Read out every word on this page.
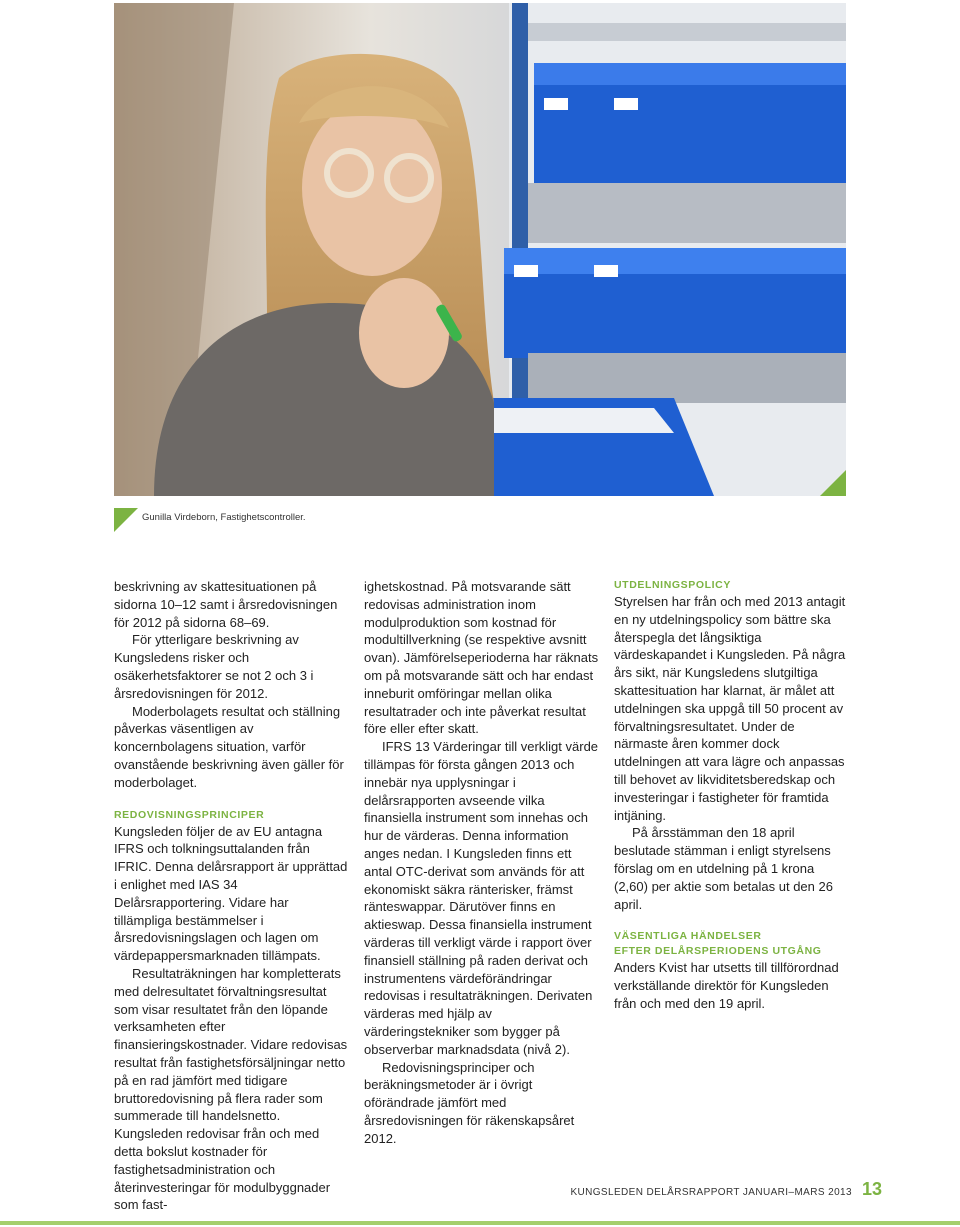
Gunilla Virdeborn, Fastighetscontroller.

beskrivning av skattesituationen på sidorna 10–12 samt i årsredovisningen för 2012 på sidorna 68–69.

För ytterligare beskrivning av Kungsledens risker och osäkerhetsfaktorer se not 2 och 3 i årsredovisningen för 2012.

Moderbolagets resultat och ställning påverkas väsentligen av koncernbolagens situation, varför ovanstående beskrivning även gäller för moderbolaget.

REDOVISNINGSPRINCIPER

Kungsleden följer de av EU antagna IFRS och tolkningsuttalanden från IFRIC. Denna delårsrapport är upprättad i enlighet med IAS 34 Delårsrapportering. Vidare har tillämpliga bestämmelser i årsredovisningslagen och lagen om värdepappersmarknaden tillämpats.

Resultaträkningen har kompletterats med delresultatet förvaltningsresultat som visar resultatet från den löpande verksamheten efter finansieringskostnader. Vidare redovisas resultat från fastighetsförsäljningar netto på en rad jämfört med tidigare bruttoredovisning på flera rader som summerade till handelsnetto. Kungsleden redovisar från och med detta bokslut kostnader för fastighetsadministration och återinvesteringar för modulbyggnader som fast-

ighetskostnad. På motsvarande sätt redovisas administration inom modulproduktion som kostnad för modultillverkning (se respektive avsnitt ovan). Jämförelseperioderna har räknats om på motsvarande sätt och har endast inneburit omföringar mellan olika resultatrader och inte påverkat resultat före eller efter skatt.

IFRS 13 Värderingar till verkligt värde tillämpas för första gången 2013 och innebär nya upplysningar i delårsrapporten avseende vilka finansiella instrument som innehas och hur de värderas. Denna information anges nedan. I Kungsleden finns ett antal OTC-derivat som används för att ekonomiskt säkra ränterisker, främst ränteswappar. Därutöver finns en aktieswap. Dessa finansiella instrument värderas till verkligt värde i rapport över finansiell ställning på raden derivat och instrumentens värdeförändringar redovisas i resultaträkningen. Derivaten värderas med hjälp av värderingstekniker som bygger på observerbar marknadsdata (nivå 2).

Redovisningsprinciper och beräkningsmetoder är i övrigt oförändrade jämfört med årsredovisningen för räkenskapsåret 2012.

UTDELNINGSPOLICY

Styrelsen har från och med 2013 antagit en ny utdelningspolicy som bättre ska återspegla det långsiktiga värdeskapandet i Kungsleden. På några års sikt, när Kungsledens slutgiltiga skattesituation har klarnat, är målet att utdelningen ska uppgå till 50 procent av förvaltningsresultatet. Under de närmaste åren kommer dock utdelningen att vara lägre och anpassas till behovet av likviditetsberedskap och investeringar i fastigheter för framtida intjäning.

På årsstämman den 18 april beslutade stämman i enligt styrelsens förslag om en utdelning på 1 krona (2,60) per aktie som betalas ut den 26 april.

VÄSENTLIGA HÄNDELSER
EFTER DELÅRSPERIODENS UTGÅNG

Anders Kvist har utsetts till tillförordnad verkställande direktör för Kungsleden från och med den 19 april.

KUNGSLEDEN DELÅRSRAPPORT JANUARI–MARS 2013 13
